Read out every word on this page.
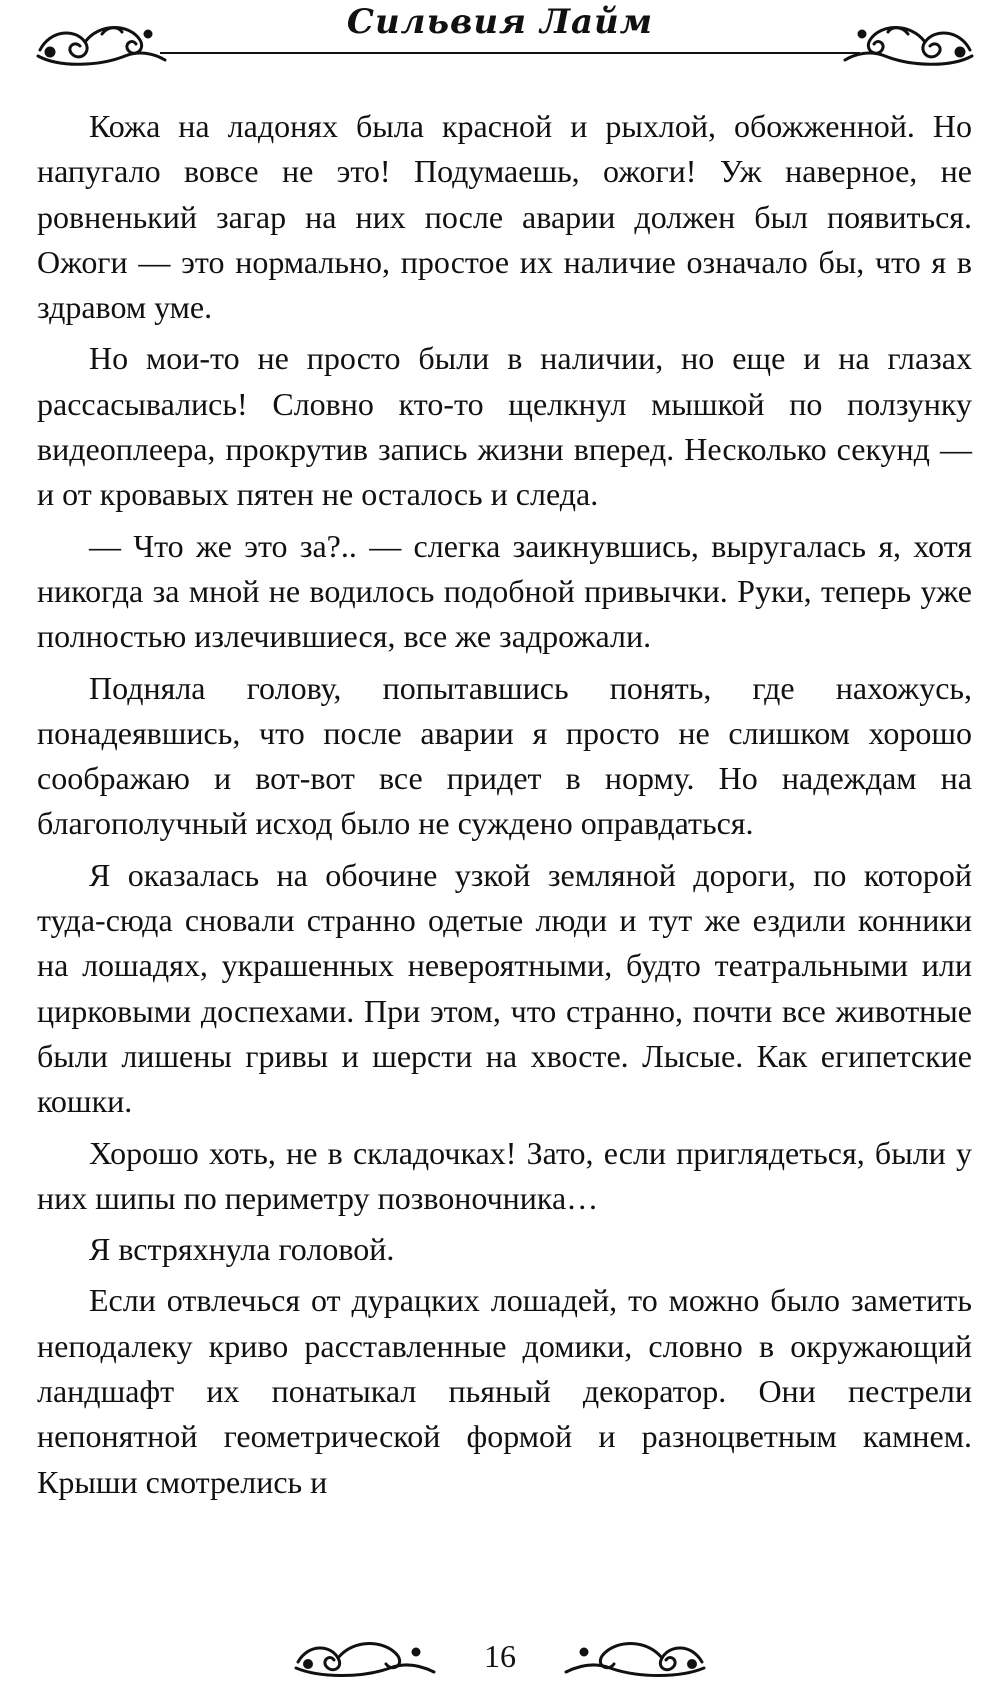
Сильвия Лайм

Кожа на ладонях была красной и рыхлой, обожженной. Но напугало вовсе не это! Подумаешь, ожоги! Уж наверное, не ровненький загар на них после аварии должен был появиться. Ожоги — это нормально, простое их наличие означало бы, что я в здравом уме.

Но мои-то не просто были в наличии, но еще и на глазах рассасывались! Словно кто-то щелкнул мышкой по ползунку видеоплеера, прокрутив запись жизни вперед. Несколько секунд — и от кровавых пятен не осталось и следа.

— Что же это за?.. — слегка заикнувшись, выругалась я, хотя никогда за мной не водилось подобной привычки. Руки, теперь уже полностью излечившиеся, все же задрожали.

Подняла голову, попытавшись понять, где нахожусь, понадеявшись, что после аварии я просто не слишком хорошо соображаю и вот-вот все придет в норму. Но надеждам на благополучный исход было не суждено оправдаться.

Я оказалась на обочине узкой земляной дороги, по которой туда-сюда сновали странно одетые люди и тут же ездили конники на лошадях, украшенных невероятными, будто театральными или цирковыми доспехами. При этом, что странно, почти все животные были лишены гривы и шерсти на хвосте. Лысые. Как египетские кошки.

Хорошо хоть, не в складочках! Зато, если приглядеться, были у них шипы по периметру позвоночника…

Я встряхнула головой.

Если отвлечься от дурацких лошадей, то можно было заметить неподалеку криво расставленные домики, словно в окружающий ландшафт их понатыкал пьяный декоратор. Они пестрели непонятной геометрической формой и разноцветным камнем. Крыши смотрелись и

16
